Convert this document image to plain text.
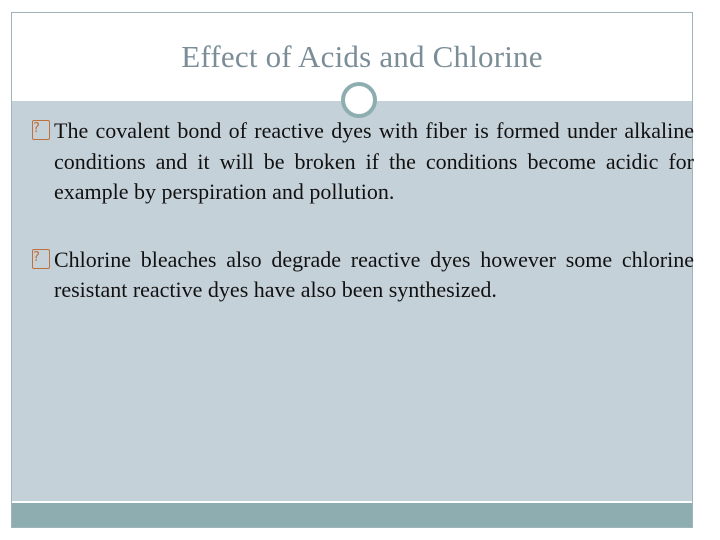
Effect of Acids and Chlorine
? The covalent bond of reactive dyes with fiber is formed under alkaline conditions and it will be broken if the conditions become acidic for example by perspiration and pollution.
? Chlorine bleaches also degrade reactive dyes however some chlorine resistant reactive dyes have also been synthesized.
